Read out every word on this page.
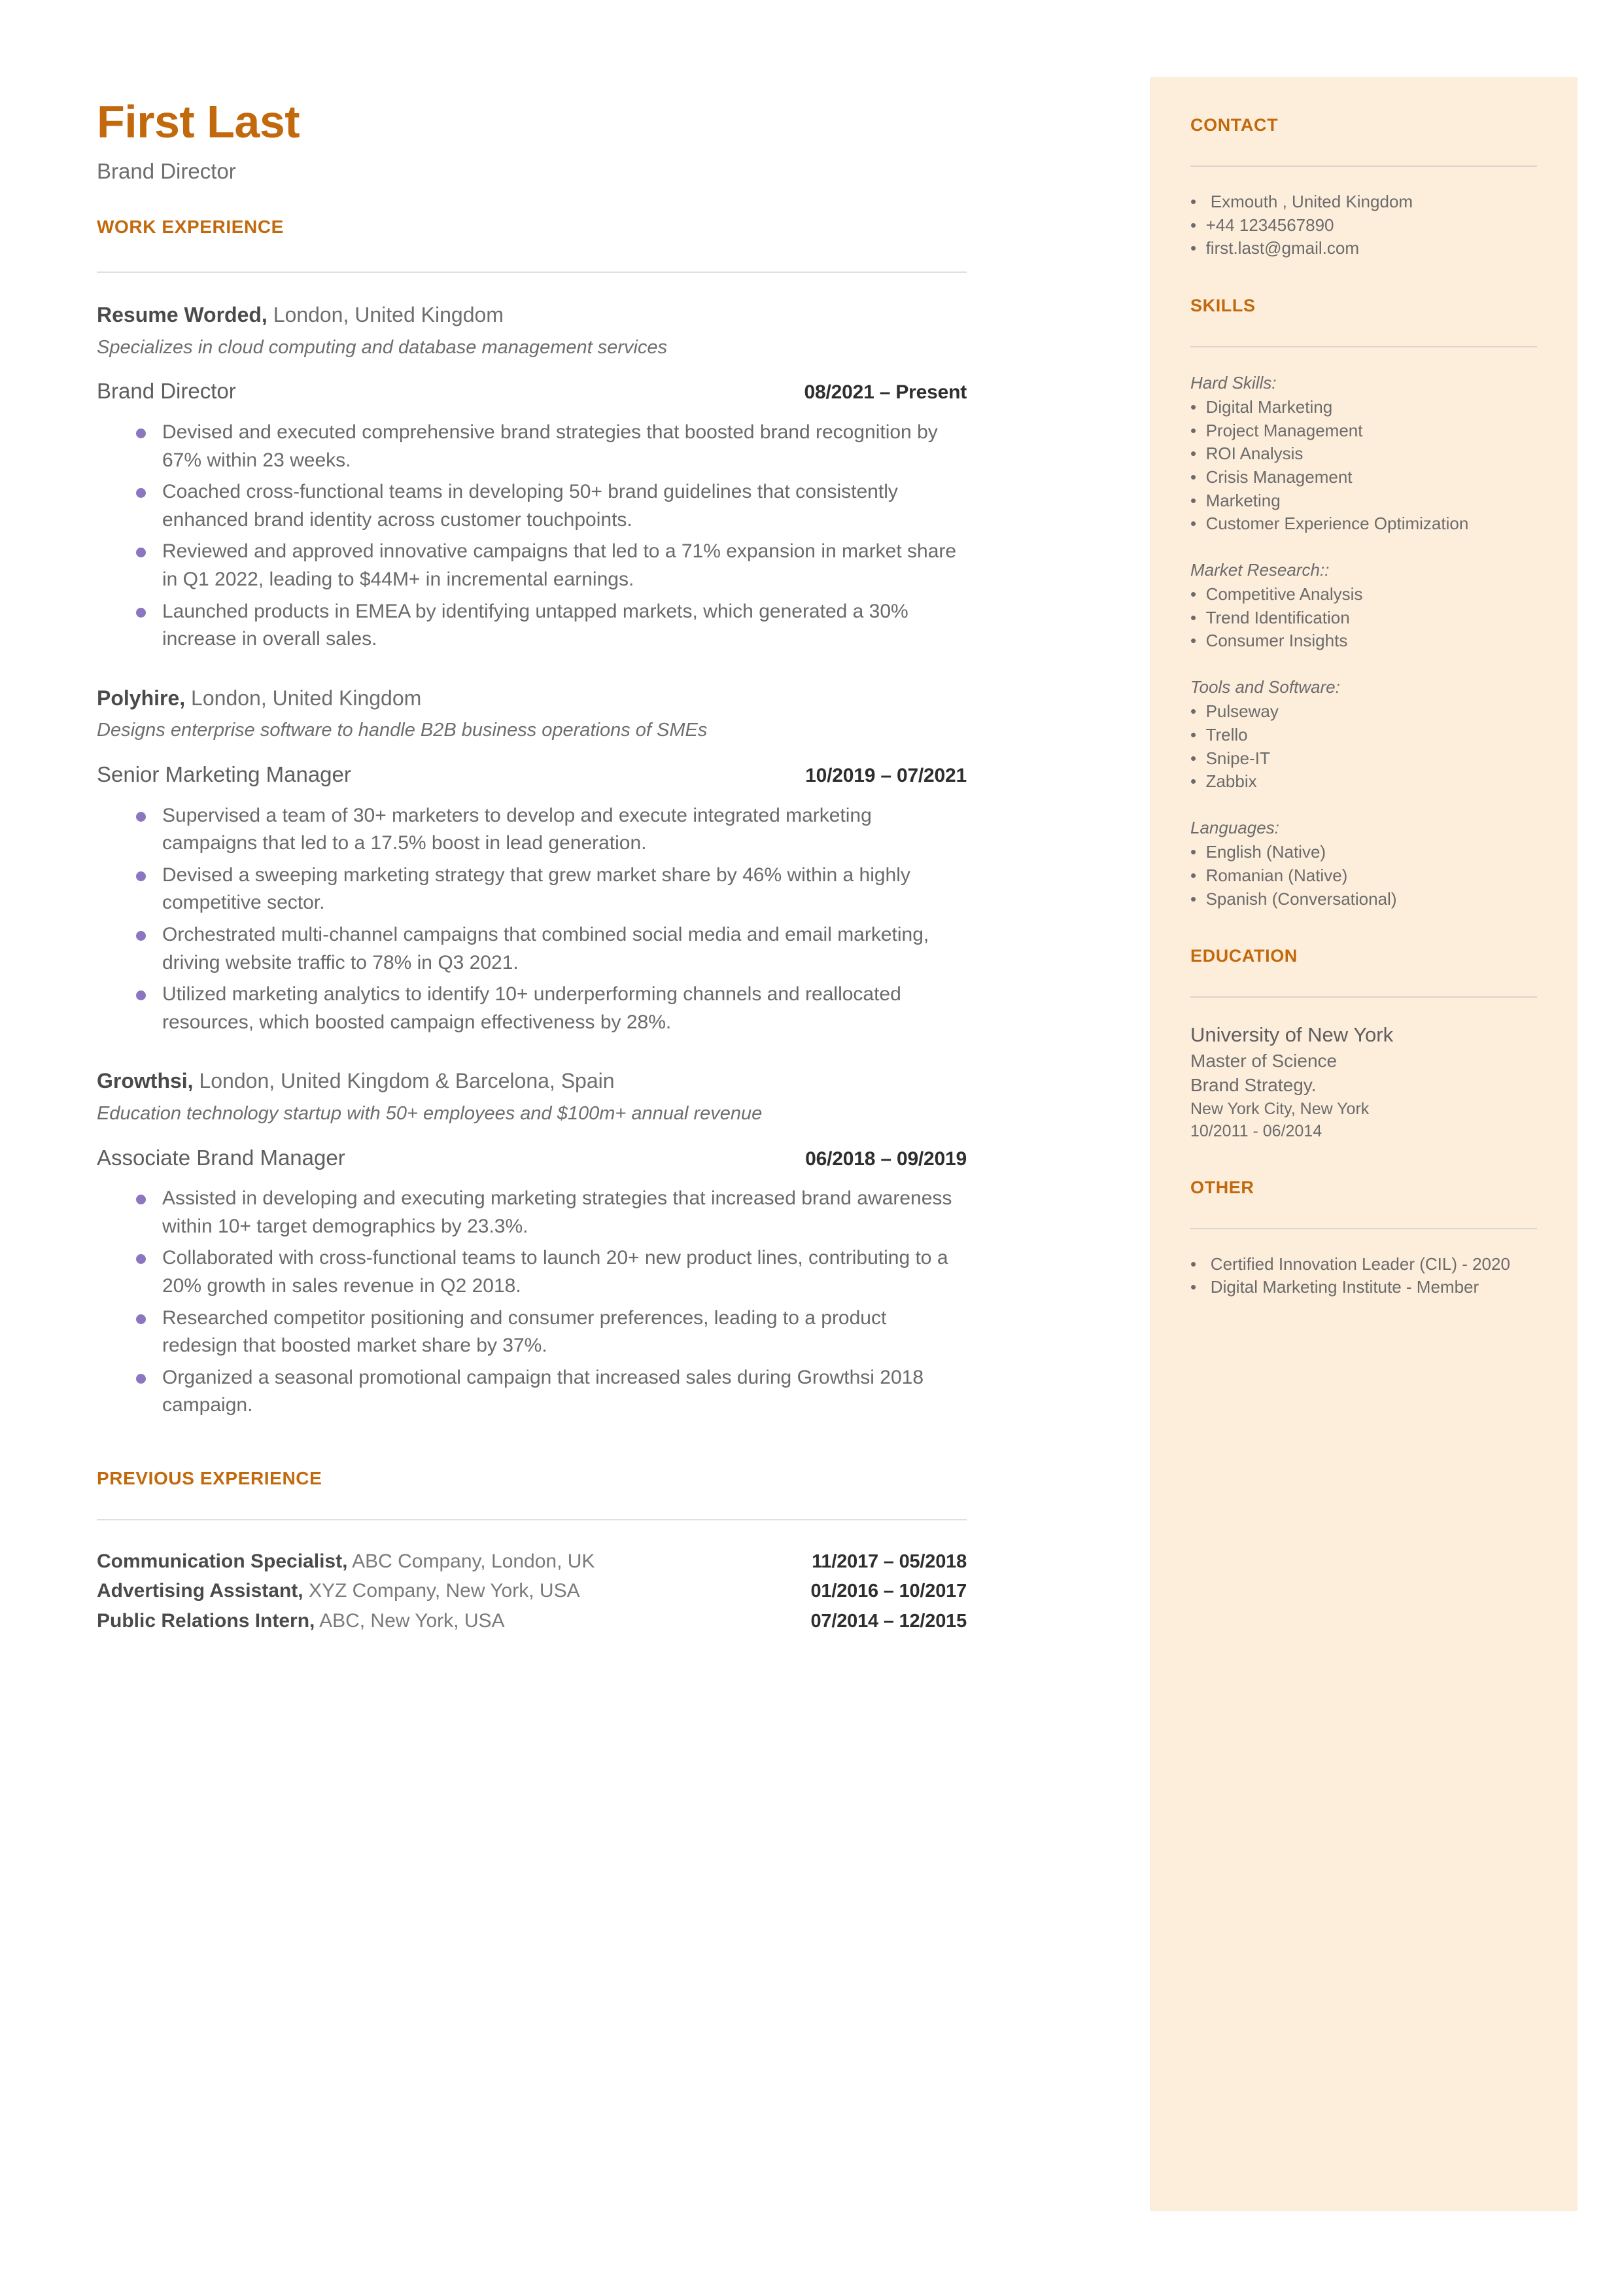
First Last
Brand Director
WORK EXPERIENCE
Resume Worded, London, United Kingdom
Specializes in cloud computing and database management services
Brand Director	08/2021 – Present
Devised and executed comprehensive brand strategies that boosted brand recognition by 67% within 23 weeks.
Coached cross-functional teams in developing 50+ brand guidelines that consistently enhanced brand identity across customer touchpoints.
Reviewed and approved innovative campaigns that led to a 71% expansion in market share in Q1 2022, leading to $44M+ in incremental earnings.
Launched products in EMEA by identifying untapped markets, which generated a 30% increase in overall sales.
Polyhire, London, United Kingdom
Designs enterprise software to handle B2B business operations of SMEs
Senior Marketing Manager	10/2019 – 07/2021
Supervised a team of 30+ marketers to develop and execute integrated marketing campaigns that led to a 17.5% boost in lead generation.
Devised a sweeping marketing strategy that grew market share by 46% within a highly competitive sector.
Orchestrated multi-channel campaigns that combined social media and email marketing, driving website traffic to 78% in Q3 2021.
Utilized marketing analytics to identify 10+ underperforming channels and reallocated resources, which boosted campaign effectiveness by 28%.
Growthsi, London, United Kingdom & Barcelona, Spain
Education technology startup with 50+ employees and $100m+ annual revenue
Associate Brand Manager	06/2018 – 09/2019
Assisted in developing and executing marketing strategies that increased brand awareness within 10+ target demographics by 23.3%.
Collaborated with cross-functional teams to launch 20+ new product lines, contributing to a 20% growth in sales revenue in Q2 2018.
Researched competitor positioning and consumer preferences, leading to a product redesign that boosted market share by 37%.
Organized a seasonal promotional campaign that increased sales during Growthsi 2018 campaign.
PREVIOUS EXPERIENCE
Communication Specialist, ABC Company, London, UK	11/2017 – 05/2018
Advertising Assistant, XYZ Company, New York, USA	01/2016 – 10/2017
Public Relations Intern, ABC, New York, USA	07/2014 – 12/2015
CONTACT
•   Exmouth , United Kingdom
•  +44 1234567890
•  first.last@gmail.com
SKILLS
Hard Skills:
•  Digital Marketing
•  Project Management
•  ROI Analysis
•  Crisis Management
•  Marketing
•  Customer Experience Optimization
Market Research::
•  Competitive Analysis
•  Trend Identification
•  Consumer Insights
Tools and Software:
•  Pulseway
•  Trello
•  Snipe-IT
•  Zabbix
Languages:
•  English (Native)
•  Romanian (Native)
•  Spanish (Conversational)
EDUCATION
University of New York
Master of Science
Brand Strategy.
New York City, New York
10/2011 - 06/2014
OTHER
•   Certified Innovation Leader (CIL) - 2020
•   Digital Marketing Institute - Member
